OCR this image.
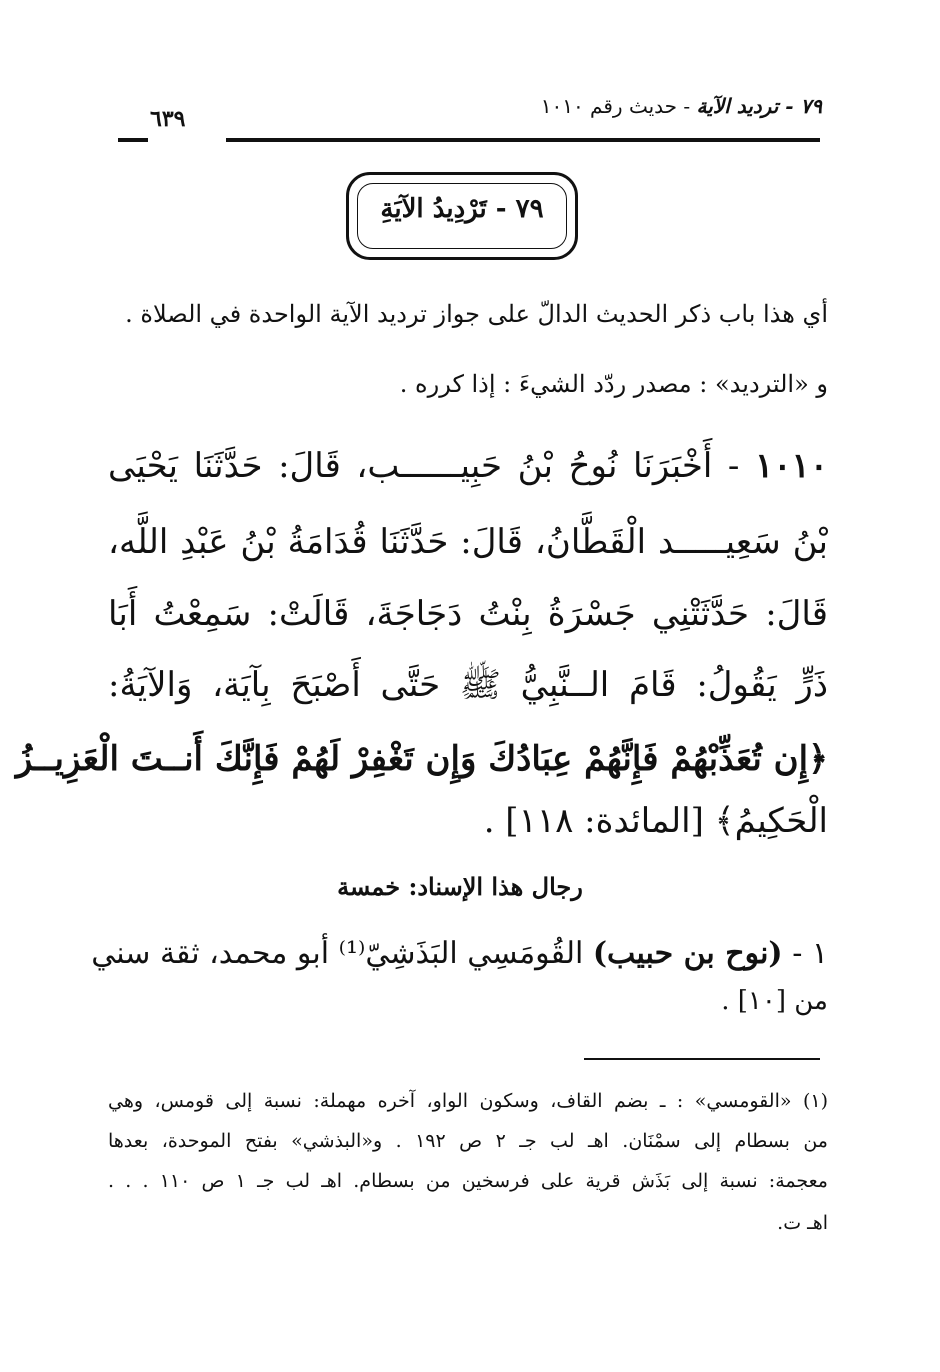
٧٩ - ترديد الآية - حديث رقم ١٠١٠
٦٣٩
٧٩ - تَرْدِيدُ الآيَةِ
أي هذا باب ذكر الحديث الدالّ على جواز ترديد الآية الواحدة في الصلاة .
و «الترديد» : مصدر ردّد الشيءَ : إذا كرره .
١٠١٠ - أَخْبَرَنَا نُوحُ بْنُ حَبِيــــــب، قَالَ: حَدَّثَنَا يَحْيَى
بْنُ سَعِيـــــد الْقَطَّانُ، قَالَ: حَدَّثَنَا قُدَامَةُ بْنُ عَبْدِ اللَّه،
قَالَ: حَدَّثَتْنِي جَسْرَةُ بِنْتُ دَجَاجَةَ، قَالَتْ: سَمِعْتُ أَبَا
ذَرٍّ يَقُولُ: قَامَ الــنَّبِيُّ ﷺ حَتَّى أَصْبَحَ بِآيَة، وَالآيَةُ:
﴿إِن تُعَذِّبْهُمْ فَإِنَّهُمْ عِبَادُكَ وَإِن تَغْفِرْ لَهُمْ فَإِنَّكَ أَنــتَ الْعَزِيــزُ
الْحَكِيمُ﴾ [المائدة: ١١٨] .
رجال هذا الإسناد: خمسة
١ - (نوح بن حبيب) القُومَسِي البَذَشِيّ⁽¹⁾ أبو محمد، ثقة سني
من [١٠] .
(١) «القومسي» : ـ بضم القاف، وسكون الواو، آخره مهملة: نسبة إلى قومس، وهي
من بسطام إلى سمْنَان. اهـ لب جـ ٢ ص ١٩٢ . و«البذشي» بفتح الموحدة، بعدها
معجمة: نسبة إلى بَذَش قرية على فرسخين من بسطام. اهـ لب جـ ١ ص ١١٠ . . .
اهـ ت.
